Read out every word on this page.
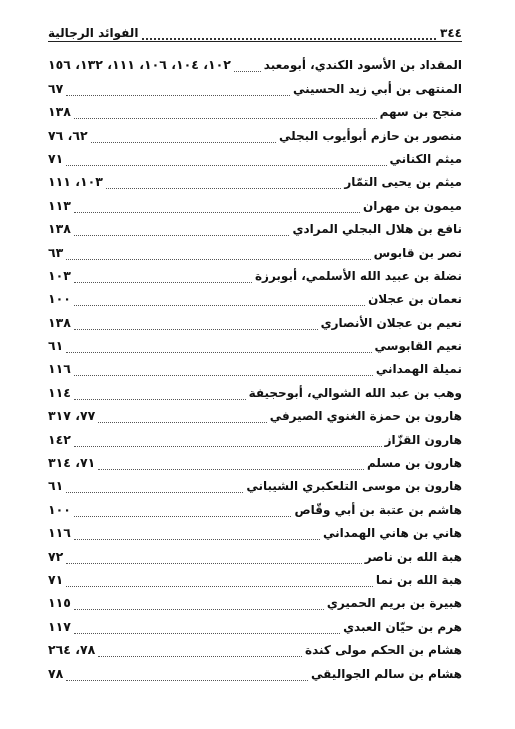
٣٤٤
الفوائد الرجالية
المقداد بن الأسود الكندي، أبومعبد
١٠٢، ١٠٤، ١٠٦، ١١١، ١٣٢، ١٥٦
المنتهى بن أبي زيد الحسيني
٦٧
منجح بن سهم
١٣٨
منصور بن حازم أبوأيوب البجلي
٦٢، ٧٦
ميثم الكناني
٧١
ميثم بن يحيى التمّار
١٠٣، ١١١
ميمون بن مهران
١١٣
نافع بن هلال البجلي المرادي
١٣٨
نصر بن قابوس
٦٣
نضلة بن عبيد الله الأسلمي، أبوبرزة
١٠٣
نعمان بن عجلان
١٠٠
نعيم بن عجلان الأنصاري
١٣٨
نعيم القابوسي
٦١
نميلة الهمداني
١١٦
وهب بن عبد الله الشوالي، أبوحجيفة
١١٤
هارون بن حمزة الغنوي الصيرفي
٧٧، ٣١٧
هارون القزّاز
١٤٢
هارون بن مسلم
٧١، ٣١٤
هارون بن موسى التلعكبري الشيباني
٦١
هاشم بن عتبة بن أبي وقّاص
١٠٠
هاني بن هاني الهمداني
١١٦
هبة الله بن ناصر
٧٢
هبة الله بن نما
٧١
هبيرة بن بريم الحميري
١١٥
هرم بن حيّان العبدي
١١٧
هشام بن الحكم مولى كندة
٧٨، ٢٦٤
هشام بن سالم الجواليقي
٧٨
